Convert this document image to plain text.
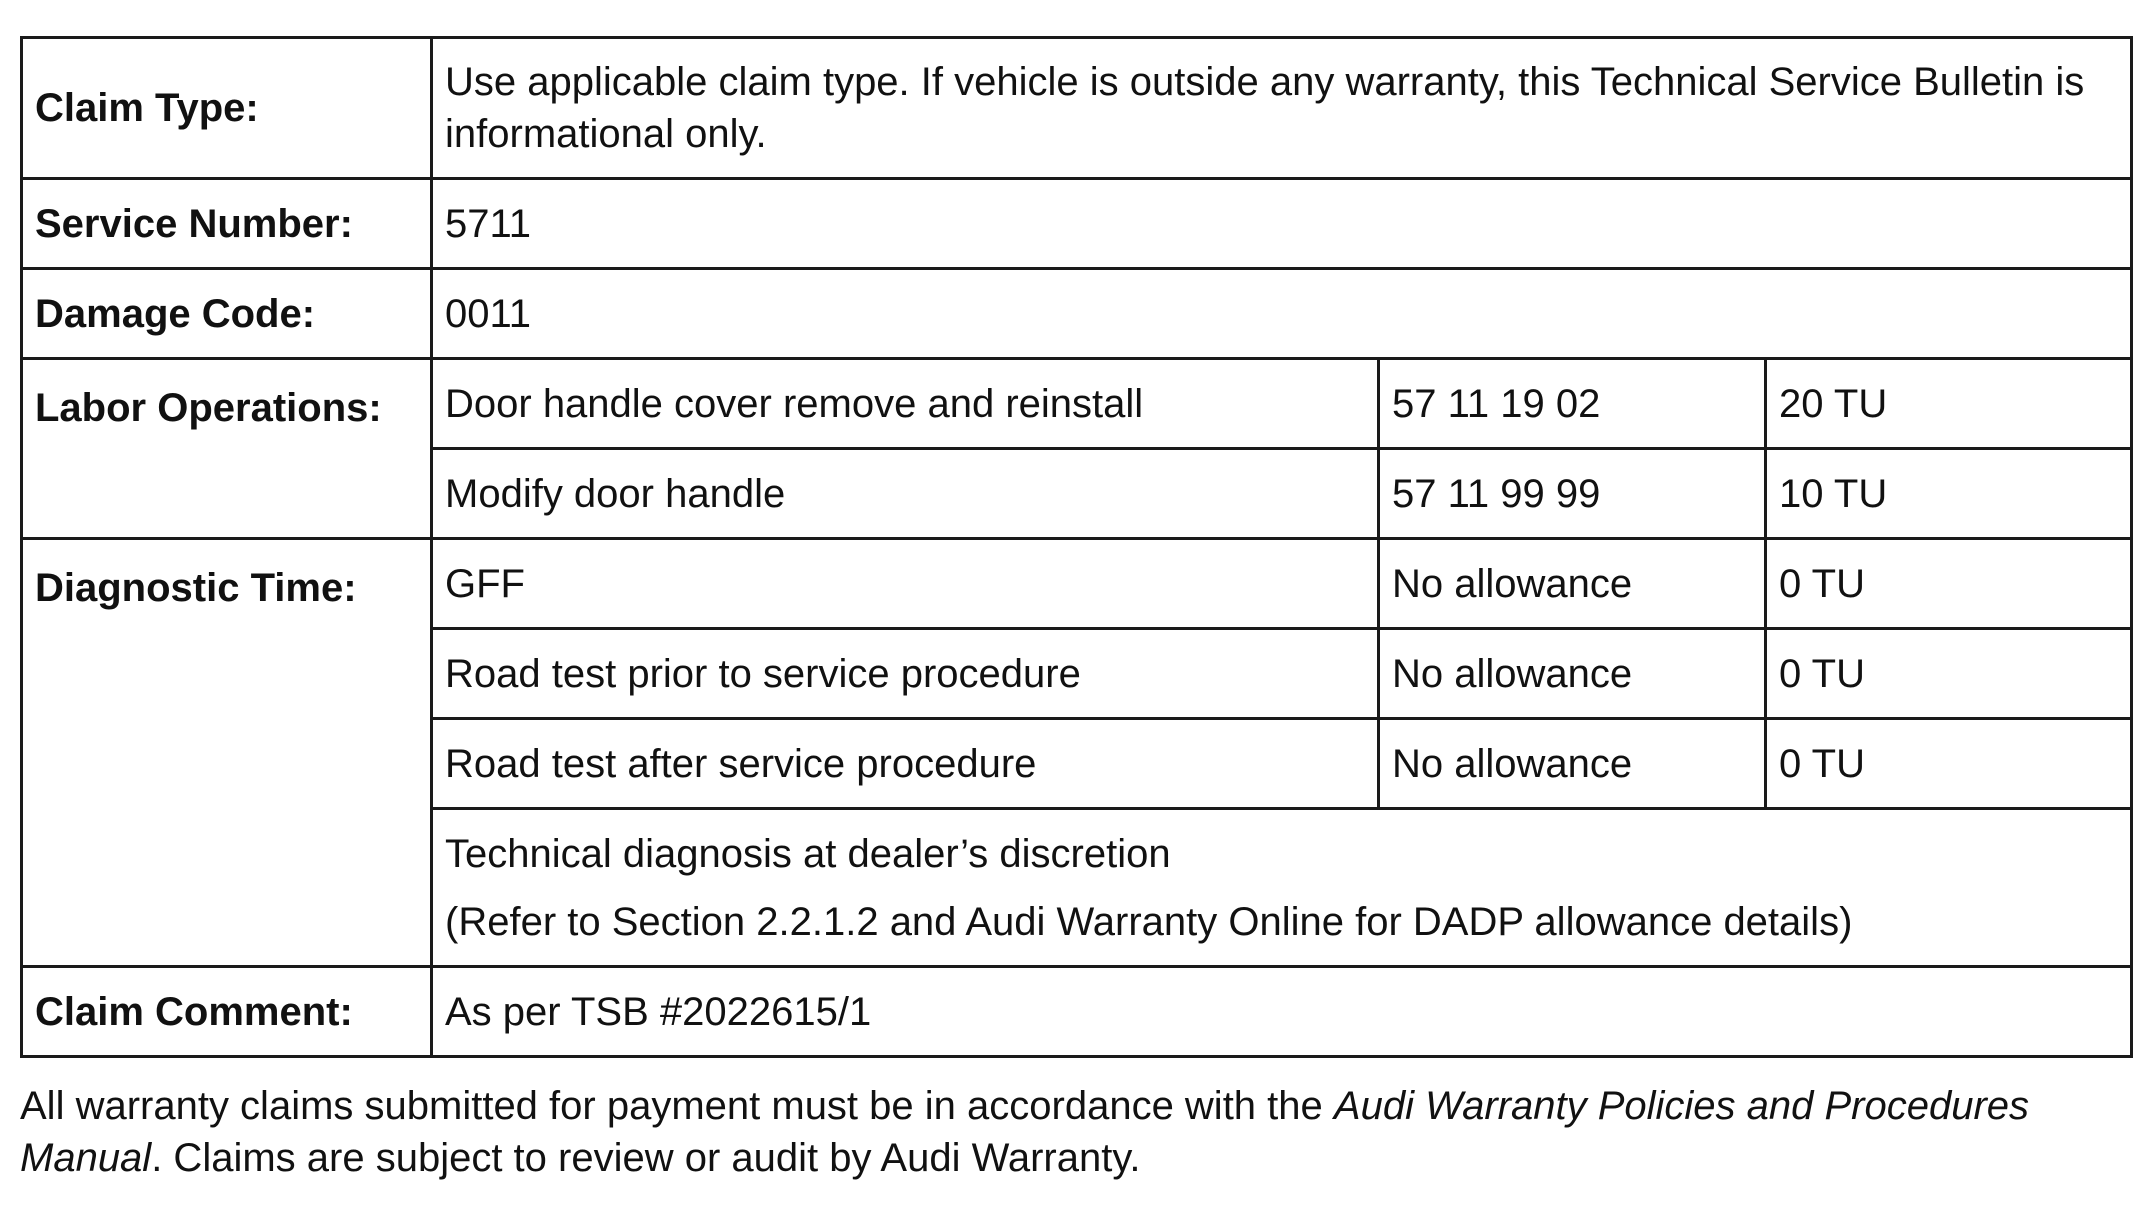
Claim Type:	Use applicable claim type. If vehicle is outside any warranty, this Technical Service Bulletin is informational only.		
Service Number:	5711		
Damage Code:	0011		
Labor Operations:	Door handle cover remove and reinstall	57 11 19 02	20 TU
	Modify door handle	57 11 99 99	10 TU
Diagnostic Time:	GFF	No allowance	0 TU
	Road test prior to service procedure	No allowance	0 TU
	Road test after service procedure	No allowance	0 TU

	Technical diagnosis at dealer’s discretion
(Refer to Section 2.2.1.2 and Audi Warranty Online for DADP allowance details)		

Claim Comment:	As per TSB #2022615/1		
All warranty claims submitted for payment must be in accordance with the Audi Warranty Policies and Procedures Manual. Claims are subject to review or audit by Audi Warranty.
